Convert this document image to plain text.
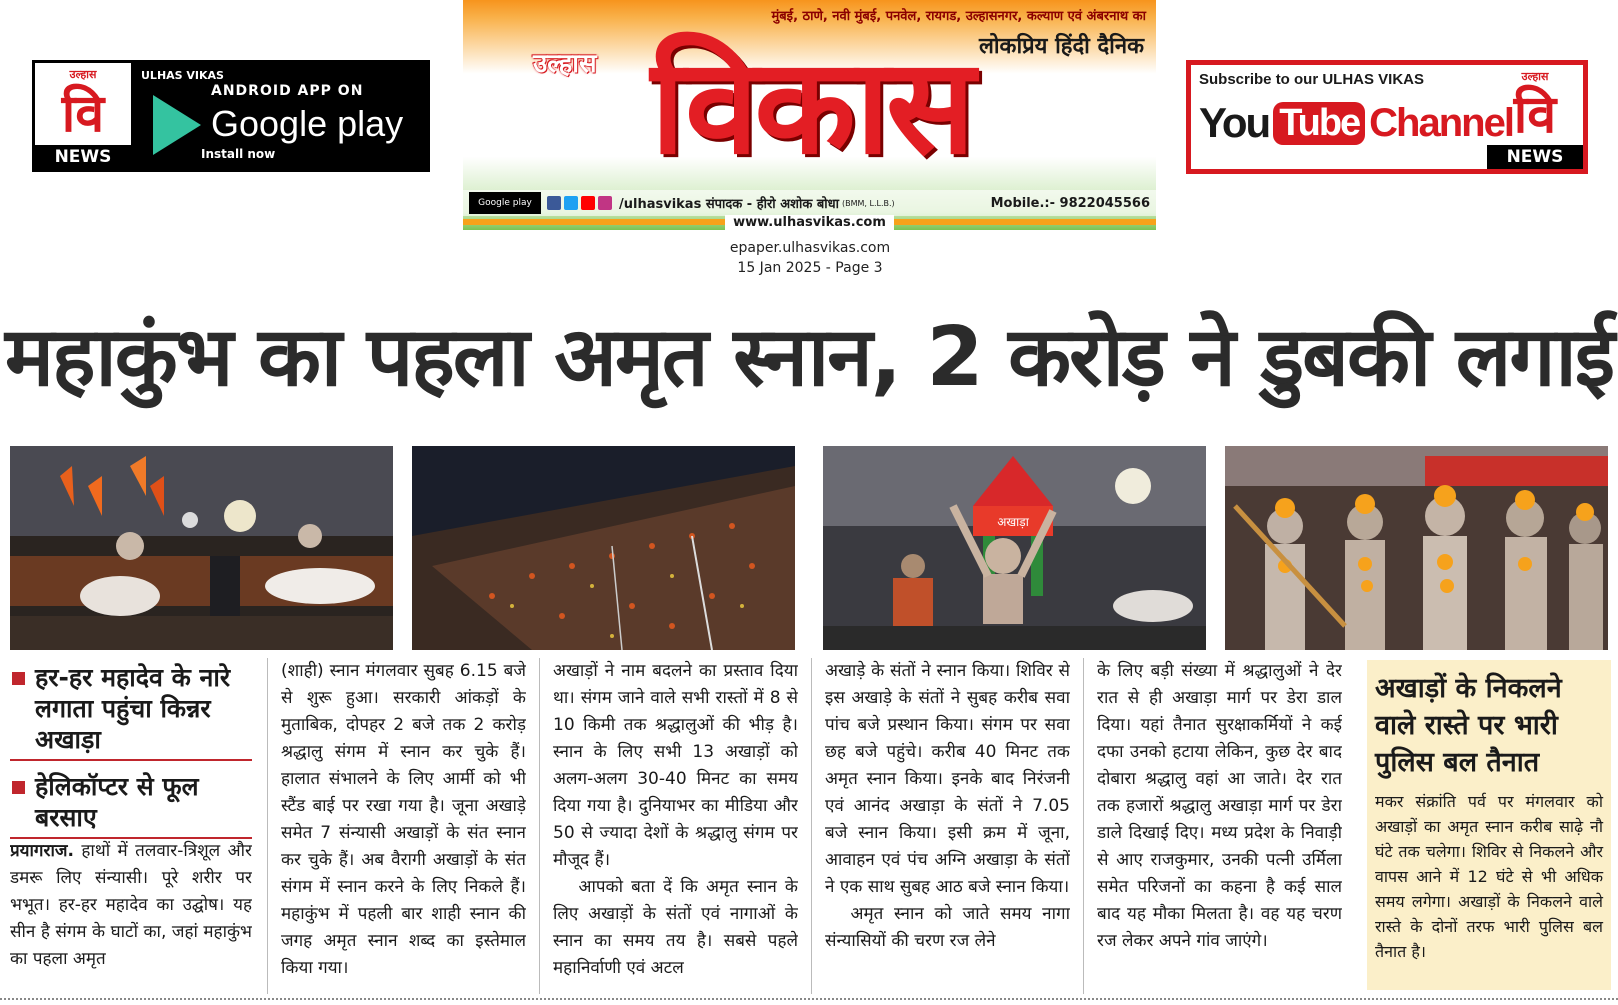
उल्हास
वि
NEWS
ULHAS VIKAS
ANDROID APP ON
Google play
Install now
मुंबई, ठाणे, नवी मुंबई, पनवेल, रायगड, उल्हासनगर, कल्याण एवं अंबरनाथ का
लोकप्रिय हिंदी दैनिक
विकास
उल्हास
Google play	/ulhasvikas संपादक - हीरो अशोक बोधा (BMM, L.L.B.)	Mobile.:- 9822045566
www.ulhasvikas.com
Subscribe to our ULHAS VIKAS
You Tube Channel
उल्हास
वि
NEWS
epaper.ulhasvikas.com
15 Jan 2025 - Page 3
महाकुंभ का पहला अमृत स्नान, 2 करोड़ ने डुबकी लगाई
अखाड़ा
हर-हर महादेव के नारे लगाता पहुंचा किन्नर अखाड़ा
हेलिकॉप्टर से फूल बरसाए

प्रयागराज. हाथों में तलवार-त्रिशूल और डमरू लिए संन्यासी। पूरे शरीर पर भभूत। हर-हर महादेव का उद्घोष। यह सीन है संगम के घाटों का, जहां महाकुंभ का पहला अमृत

(शाही) स्नान मंगलवार सुबह 6.15 बजे से शुरू हुआ। सरकारी आंकड़ों के मुताबिक, दोपहर 2 बजे तक 2 करोड़ श्रद्धालु संगम में स्नान कर चुके हैं। हालात संभालने के लिए आर्मी को भी स्टैंड बाई पर रखा गया है। जूना अखाड़े समेत 7 संन्यासी अखाड़ों के संत स्नान कर चुके हैं। अब वैरागी अखाड़ों के संत संगम में स्नान करने के लिए निकले हैं। महाकुंभ में पहली बार शाही स्नान की जगह अमृत स्नान शब्द का इस्तेमाल किया गया।

अखाड़ों ने नाम बदलने का प्रस्ताव दिया था। संगम जाने वाले सभी रास्तों में 8 से 10 किमी तक श्रद्धालुओं की भीड़ है। स्नान के लिए सभी 13 अखाड़ों को अलग-अलग 30-40 मिनट का समय दिया गया है। दुनियाभर का मीडिया और 50 से ज्यादा देशों के श्रद्धालु संगम पर मौजूद हैं।

आपको बता दें कि अमृत स्नान के लिए अखाड़ों के संतों एवं नागाओं के स्नान का समय तय है। सबसे पहले महानिर्वाणी एवं अटल

अखाड़े के संतों ने स्नान किया। शिविर से इस अखाड़े के संतों ने सुबह करीब सवा पांच बजे प्रस्थान किया। संगम पर सवा छह बजे पहुंचे। करीब 40 मिनट तक अमृत स्नान किया। इनके बाद निरंजनी एवं आनंद अखाड़ा के संतों ने 7.05 बजे स्नान किया। इसी क्रम में जूना, आवाहन एवं पंच अग्नि अखाड़ा के संतों ने एक साथ सुबह आठ बजे स्नान किया।

अमृत स्नान को जाते समय नागा संन्यासियों की चरण रज लेने

के लिए बड़ी संख्या में श्रद्धालुओं ने देर रात से ही अखाड़ा मार्ग पर डेरा डाल दिया। यहां तैनात सुरक्षाकर्मियों ने कई दफा उनको हटाया लेकिन, कुछ देर बाद दोबारा श्रद्धालु वहां आ जाते। देर रात तक हजारों श्रद्धालु अखाड़ा मार्ग पर डेरा डाले दिखाई दिए। मध्य प्रदेश के निवाड़ी से आए राजकुमार, उनकी पत्नी उर्मिला समेत परिजनों का कहना है कई साल बाद यह मौका मिलता है। वह यह चरण रज लेकर अपने गांव जाएंगे।

अखाड़ों के निकलने वाले रास्ते पर भारी पुलिस बल तैनात
मकर संक्रांति पर्व पर मंगलवार को अखाड़ों का अमृत स्नान करीब साढ़े नौ घंटे तक चलेगा। शिविर से निकलने और वापस आने में 12 घंटे से भी अधिक समय लगेगा। अखाड़ों के निकलने वाले रास्ते के दोनों तरफ भारी पुलिस बल तैनात है।
